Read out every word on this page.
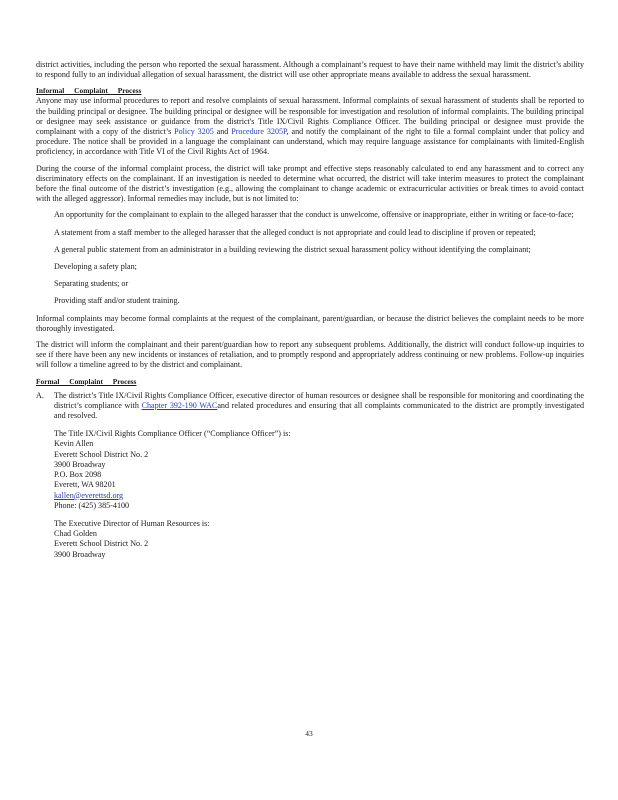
district activities, including the person who reported the sexual harassment. Although a complainant’s request to have their name withheld may limit the district’s ability to respond fully to an individual allegation of sexual harassment, the district will use other appropriate means available to address the sexual harassment.

Informal Complaint Process

Anyone may use informal procedures to report and resolve complaints of sexual harassment. Informal complaints of sexual harassment of students shall be reported to the building principal or designee. The building principal or designee will be responsible for investigation and resolution of informal complaints. The building principal or designee may seek assistance or guidance from the district's Title IX/Civil Rights Compliance Officer. The building principal or designee must provide the complainant with a copy of the district’s Policy 3205 and Procedure 3205P, and notify the complainant of the right to file a formal complaint under that policy and procedure. The notice shall be provided in a language the complainant can understand, which may require language assistance for complainants with limited-English proficiency, in accordance with Title VI of the Civil Rights Act of 1964.

During the course of the informal complaint process, the district will take prompt and effective steps reasonably calculated to end any harassment and to correct any discriminatory effects on the complainant. If an investigation is needed to determine what occurred, the district will take interim measures to protect the complainant before the final outcome of the district’s investigation (e.g., allowing the complainant to change academic or extracurricular activities or break times to avoid contact with the alleged aggressor). Informal remedies may include, but is not limited to:

An opportunity for the complainant to explain to the alleged harasser that the conduct is unwelcome, offensive or inappropriate, either in writing or face-to-face;
A statement from a staff member to the alleged harasser that the alleged conduct is not appropriate and could lead to discipline if proven or repeated;
A general public statement from an administrator in a building reviewing the district sexual harassment policy without identifying the complainant;
Developing a safety plan;
Separating students; or
Providing staff and/or student training.

Informal complaints may become formal complaints at the request of the complainant, parent/guardian, or because the district believes the complaint needs to be more thoroughly investigated.

The district will inform the complainant and their parent/guardian how to report any subsequent problems. Additionally, the district will conduct follow-up inquiries to see if there have been any new incidents or instances of retaliation, and to promptly respond and appropriately address continuing or new problems. Follow-up inquiries will follow a timeline agreed to by the district and complainant.

Formal Complaint Process
A. The district’s Title IX/Civil Rights Compliance Officer, executive director of human resources or designee shall be responsible for monitoring and coordinating the district’s compliance with Chapter 392-190 WACand related procedures and ensuring that all complaints communicated to the district are promptly investigated and resolved.
The Title IX/Civil Rights Compliance Officer (“Compliance Officer”) is:
Kevin Allen
Everett School District No. 2
3900 Broadway
P.O. Box 2098
Everett, WA 98201
kallen@everettsd.org
Phone: (425) 385-4100
The Executive Director of Human Resources is:
Chad Golden
Everett School District No. 2
3900 Broadway
43
